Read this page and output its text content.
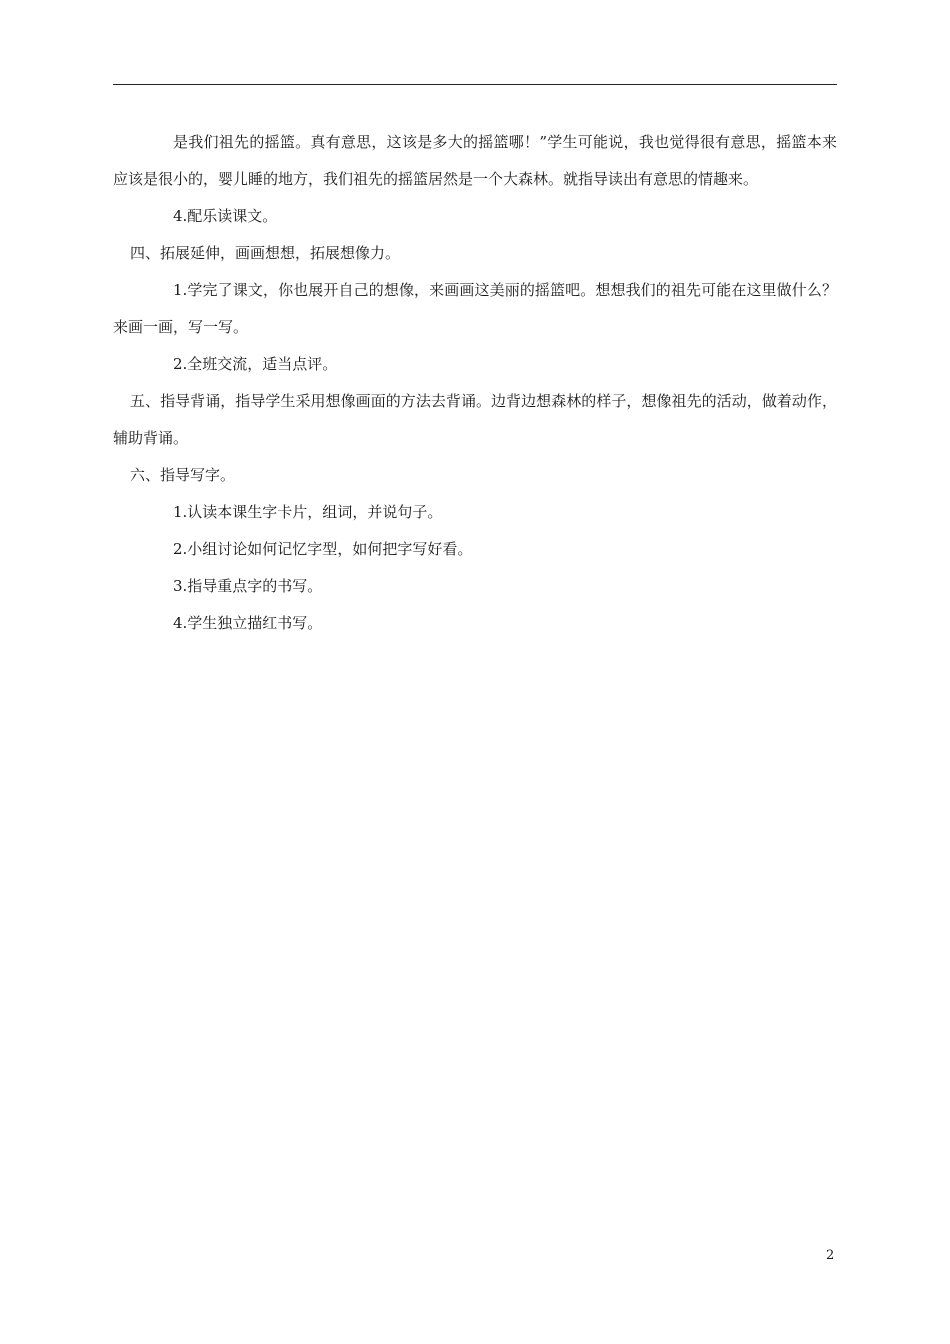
是我们祖先的摇篮。真有意思，这该是多大的摇篮哪！”学生可能说，我也觉得很有意思，摇篮本来应该是很小的，婴儿睡的地方，我们祖先的摇篮居然是一个大森林。就指导读出有意思的情趣来。

4.配乐读课文。

四、拓展延伸，画画想想，拓展想像力。

1.学完了课文，你也展开自己的想像，来画画这美丽的摇篮吧。想想我们的祖先可能在这里做什么？来画一画，写一写。

2.全班交流，适当点评。

五、指导背诵，指导学生采用想像画面的方法去背诵。边背边想森林的样子，想像祖先的活动，做着动作，辅助背诵。

六、指导写字。

1.认读本课生字卡片，组词，并说句子。

2.小组讨论如何记忆字型，如何把字写好看。

3.指导重点字的书写。

4.学生独立描红书写。

2
